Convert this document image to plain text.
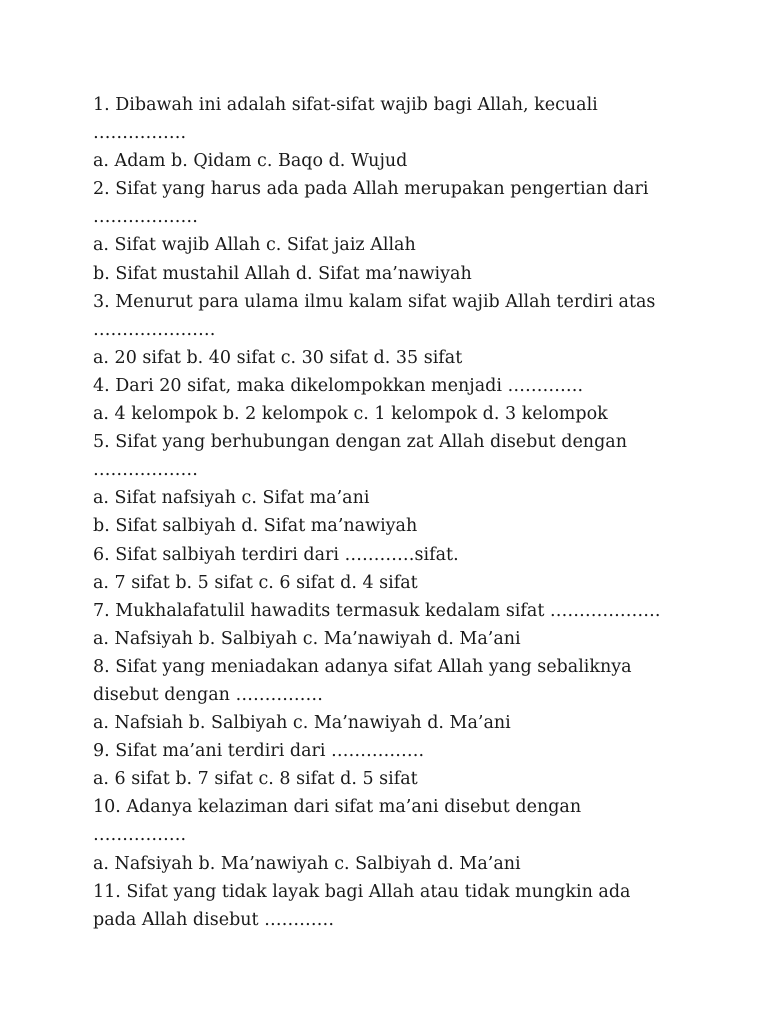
1. Dibawah ini adalah sifat-sifat wajib bagi Allah, kecuali
…………….
a. Adam b. Qidam c. Baqo d. Wujud
2. Sifat yang harus ada pada Allah merupakan pengertian dari
………………
a. Sifat wajib Allah c. Sifat jaiz Allah
b. Sifat mustahil Allah d. Sifat ma’nawiyah
3. Menurut para ulama ilmu kalam sifat wajib Allah terdiri atas
…………………
a. 20 sifat b. 40 sifat c. 30 sifat d. 35 sifat
4. Dari 20 sifat, maka dikelompokkan menjadi ………….
a. 4 kelompok b. 2 kelompok c. 1 kelompok d. 3 kelompok
5. Sifat yang berhubungan dengan zat Allah disebut dengan
………………
a. Sifat nafsiyah c. Sifat ma’ani
b. Sifat salbiyah d. Sifat ma’nawiyah
6. Sifat salbiyah terdiri dari …………sifat.
a. 7 sifat b. 5 sifat c. 6 sifat d. 4 sifat
7. Mukhalafatulil hawadits termasuk kedalam sifat ……………….
a. Nafsiyah b. Salbiyah c. Ma’nawiyah d. Ma’ani
8. Sifat yang meniadakan adanya sifat Allah yang sebaliknya
disebut dengan ……………
a. Nafsiah b. Salbiyah c. Ma’nawiyah d. Ma’ani
9. Sifat ma’ani terdiri dari …………….
a. 6 sifat b. 7 sifat c. 8 sifat d. 5 sifat
10. Adanya kelaziman dari sifat ma’ani disebut dengan
…………….
a. Nafsiyah b. Ma’nawiyah c. Salbiyah d. Ma’ani
11. Sifat yang tidak layak bagi Allah atau tidak mungkin ada
pada Allah disebut …………
